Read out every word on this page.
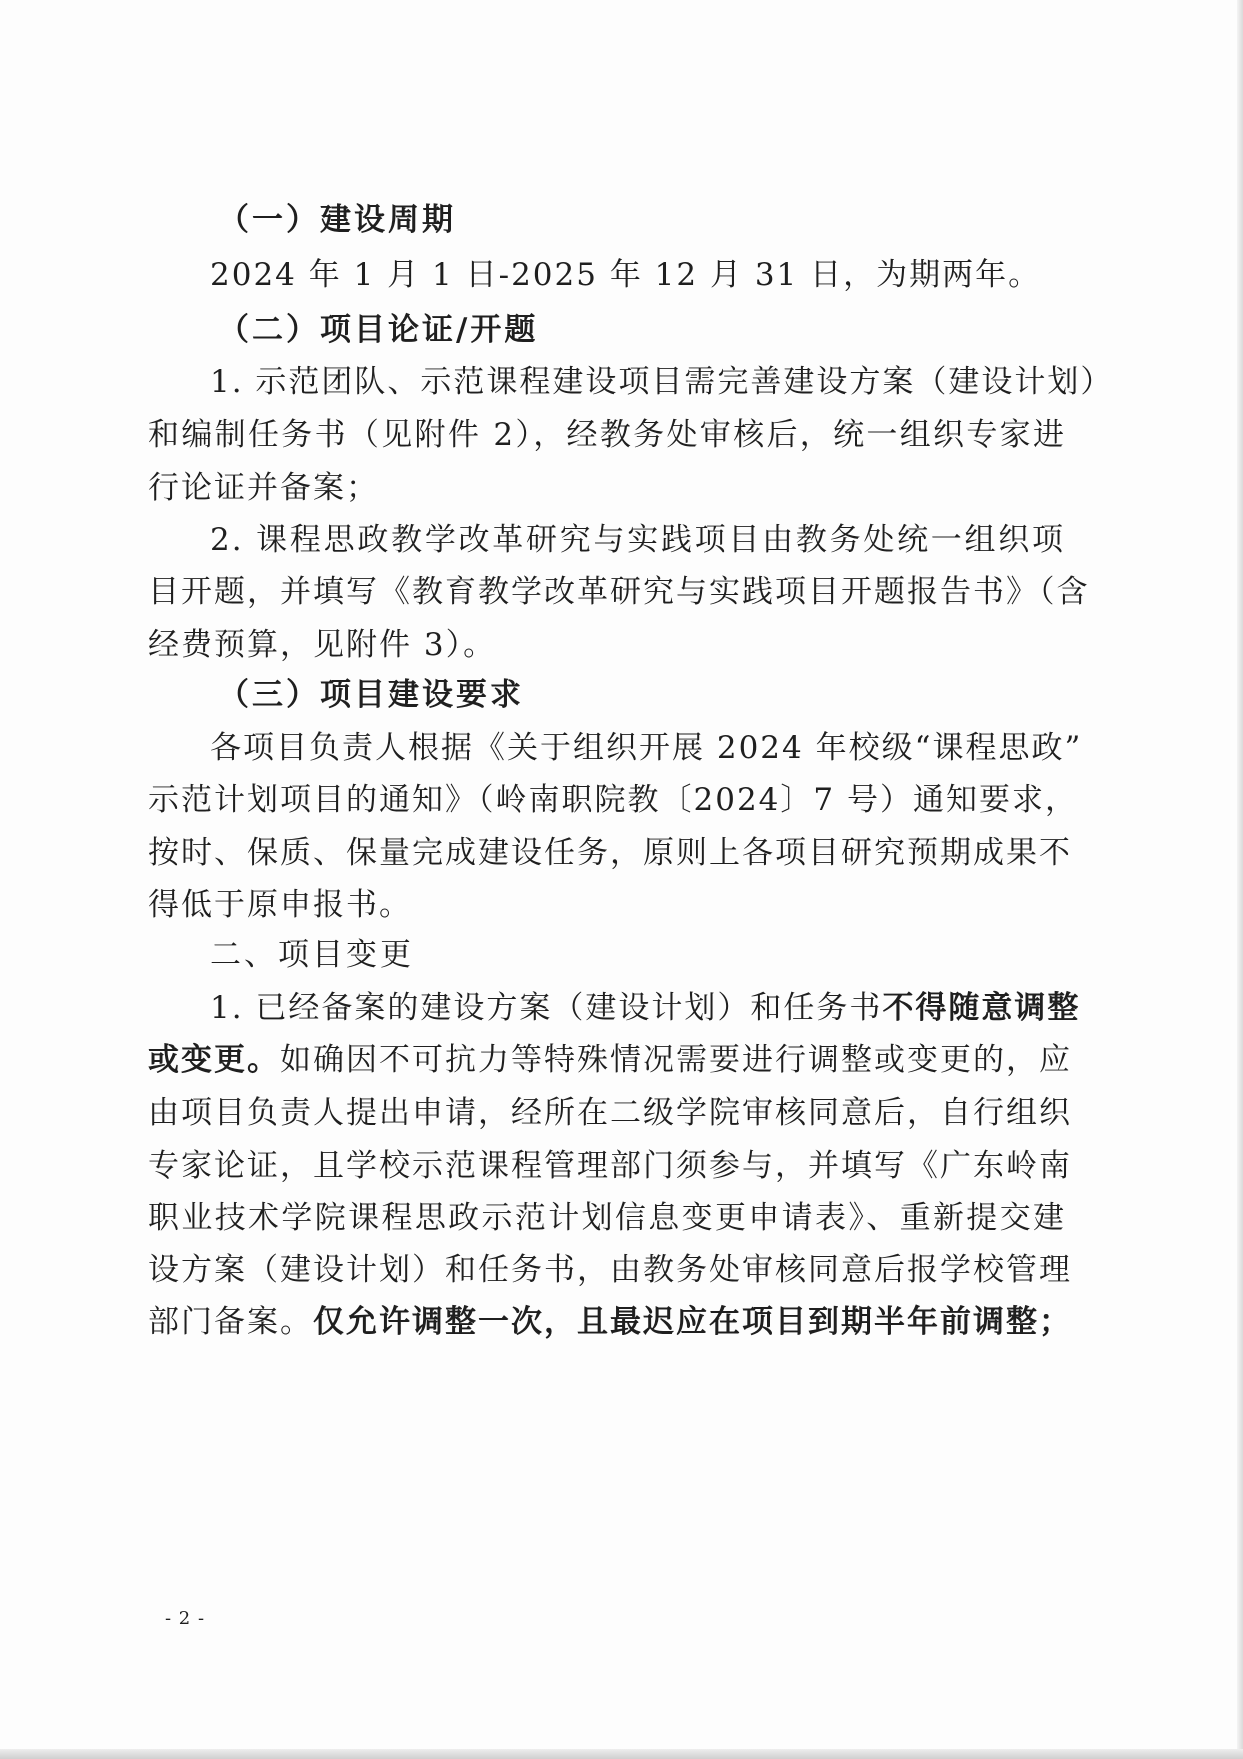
（一）建设周期
2024 年 1 月 1 日-2025 年 12 月 31 日，为期两年。
（二）项目论证/开题
1. 示范团队、示范课程建设项目需完善建设方案（建设计划）
和编制任务书（见附件 2），经教务处审核后，统一组织专家进
行论证并备案；
2. 课程思政教学改革研究与实践项目由教务处统一组织项
目开题，并填写《教育教学改革研究与实践项目开题报告书》（含
经费预算，见附件 3）。
（三）项目建设要求
各项目负责人根据《关于组织开展 2024 年校级“课程思政”
示范计划项目的通知》（岭南职院教〔2024〕7 号）通知要求，
按时、保质、保量完成建设任务，原则上各项目研究预期成果不
得低于原申报书。
二、项目变更
1. 已经备案的建设方案（建设计划）和任务书不得随意调整
或变更。如确因不可抗力等特殊情况需要进行调整或变更的，应
由项目负责人提出申请，经所在二级学院审核同意后，自行组织
专家论证，且学校示范课程管理部门须参与，并填写《广东岭南
职业技术学院课程思政示范计划信息变更申请表》、重新提交建
设方案（建设计划）和任务书，由教务处审核同意后报学校管理
部门备案。仅允许调整一次，且最迟应在项目到期半年前调整；
- 2 -
